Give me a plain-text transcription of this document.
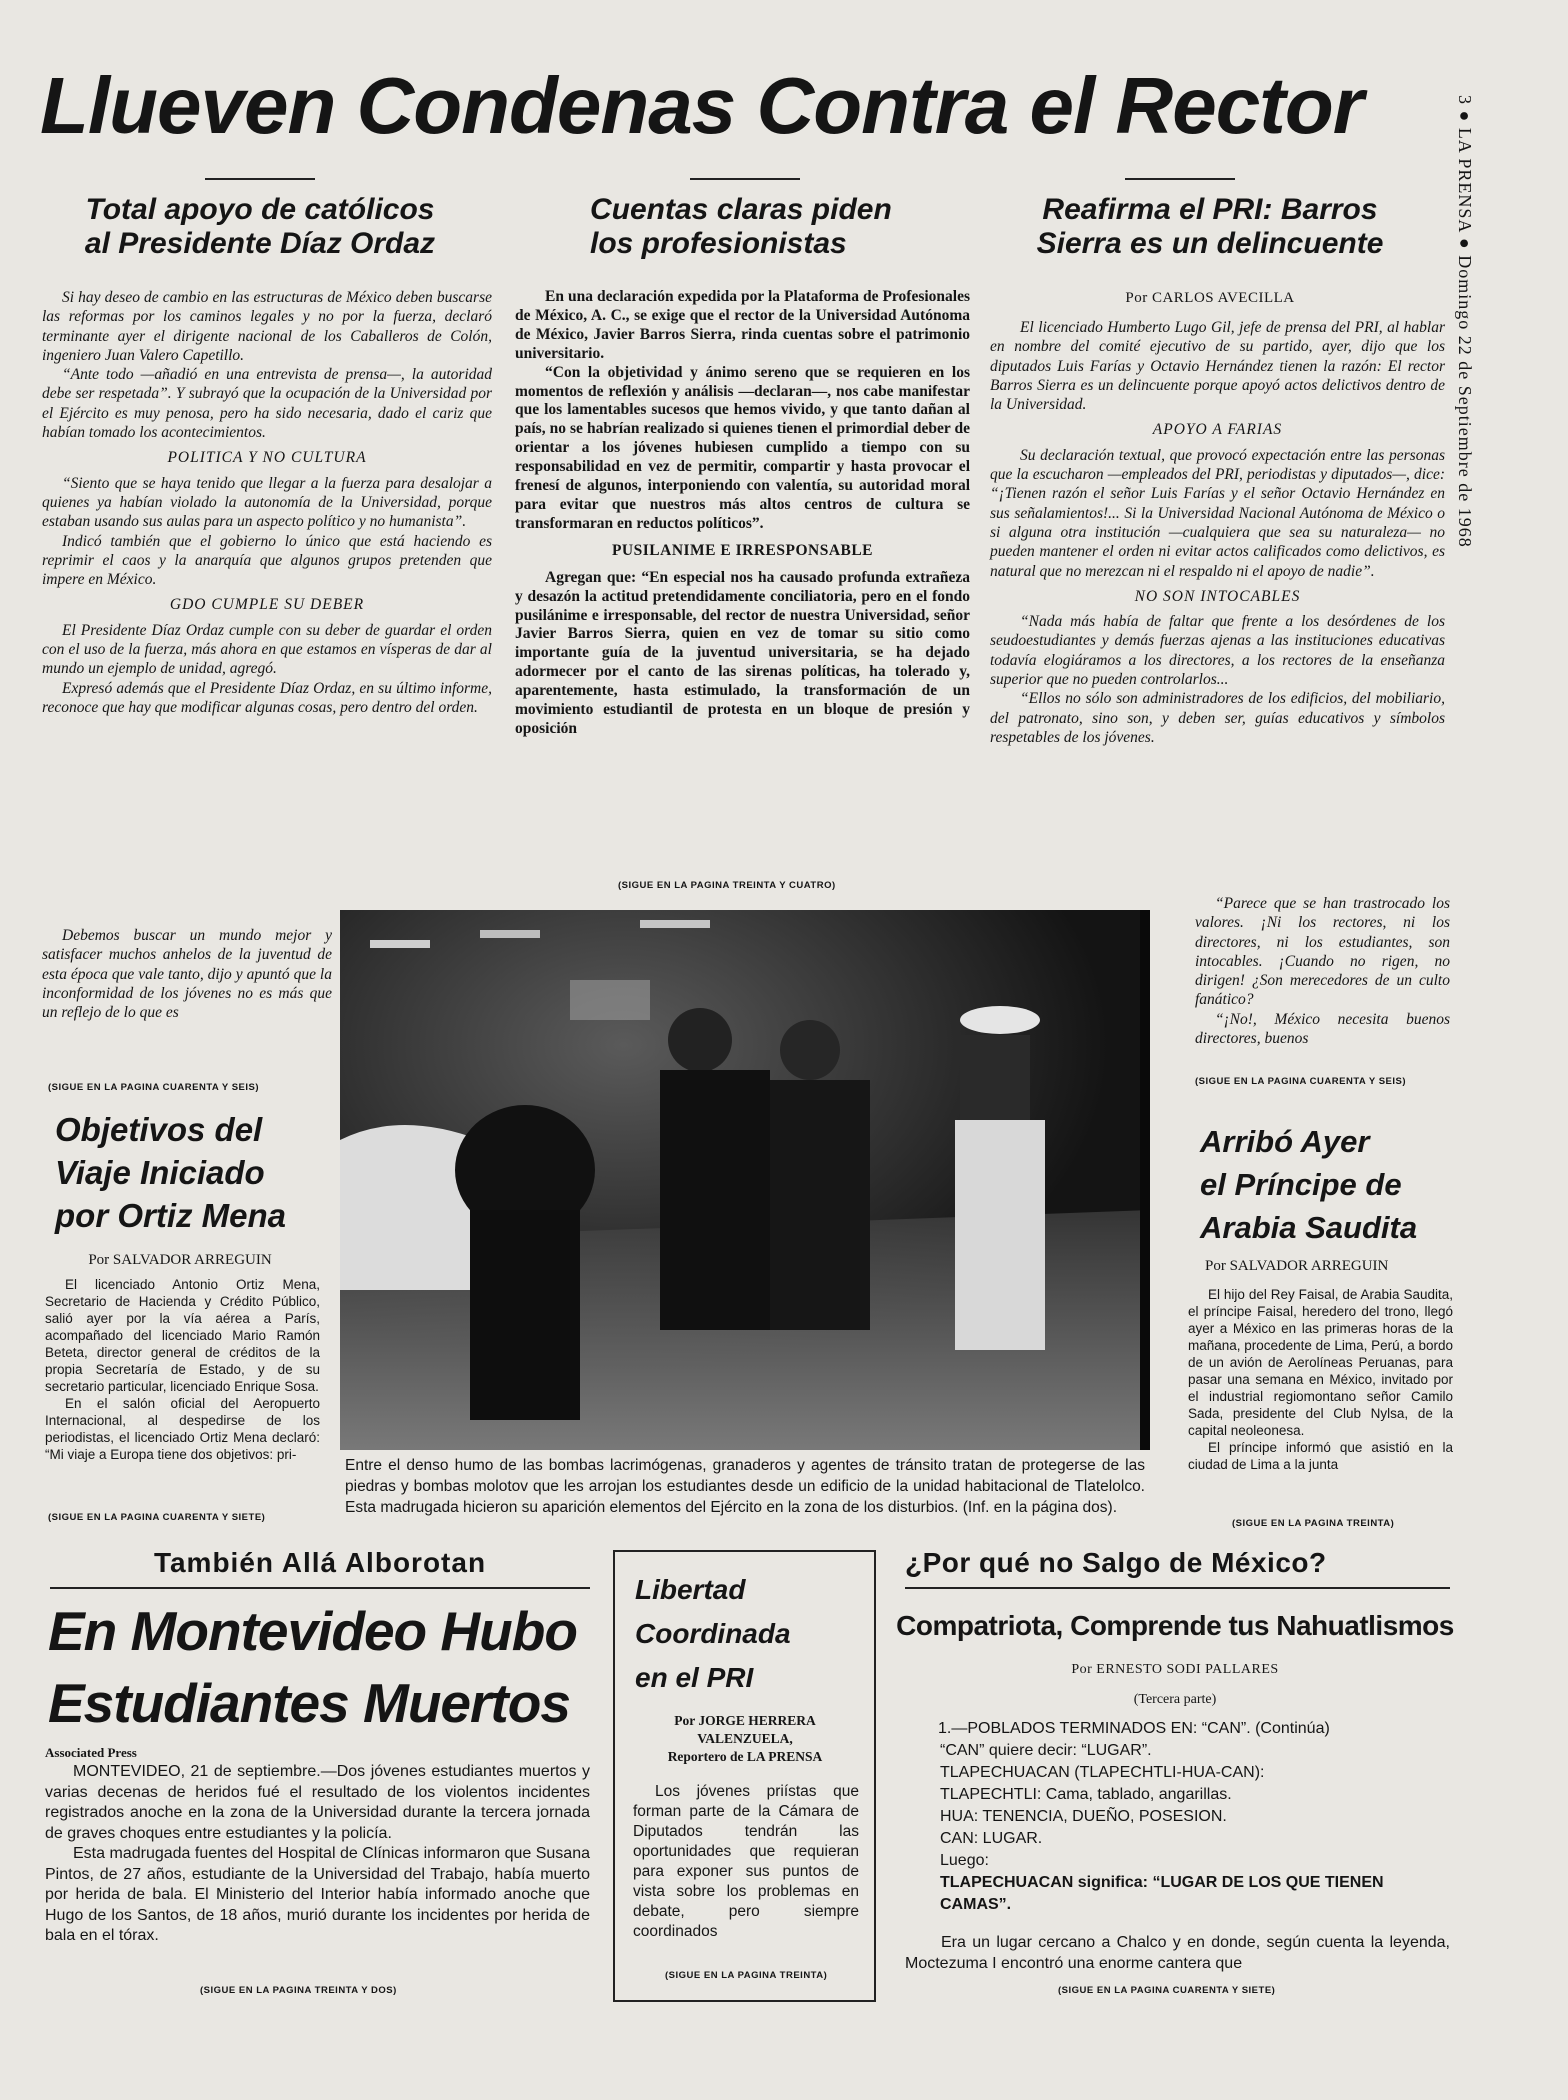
Llueven Condenas Contra el Rector	3 ● LA PRENSA ● Domingo 22 de Septiembre de 1968
Total apoyo de católicos
al Presidente Díaz Ordaz

Si hay deseo de cambio en las estructuras de México deben buscarse las reformas por los caminos legales y no por la fuerza, declaró terminante ayer el dirigente nacional de los Caballeros de Colón, ingeniero Juan Valero Capetillo.

“Ante todo —añadió en una entrevista de prensa—, la autoridad debe ser respetada”. Y subrayó que la ocupación de la Universidad por el Ejército es muy penosa, pero ha sido necesaria, dado el cariz que habían tomado los acontecimientos.

POLITICA Y NO CULTURA

“Siento que se haya tenido que llegar a la fuerza para desalojar a quienes ya habían violado la autonomía de la Universidad, porque estaban usando sus aulas para un aspecto político y no humanista”.

Indicó también que el gobierno lo único que está haciendo es reprimir el caos y la anarquía que algunos grupos pretenden que impere en México.

GDO CUMPLE SU DEBER

El Presidente Díaz Ordaz cumple con su deber de guardar el orden con el uso de la fuerza, más ahora en que estamos en vísperas de dar al mundo un ejemplo de unidad, agregó.

Expresó además que el Presidente Díaz Ordaz, en su último informe, reconoce que hay que modificar algunas cosas, pero dentro del orden.

Debemos buscar un mundo mejor y satisfacer muchos anhelos de la juventud de esta época que vale tanto, dijo y apuntó que la inconformidad de los jóvenes no es más que un reflejo de lo que es
(SIGUE EN LA PAGINA CUARENTA Y SEIS)
Cuentas claras piden
los profesionistas

En una declaración expedida por la Plataforma de Profesionales de México, A. C., se exige que el rector de la Universidad Autónoma de México, Javier Barros Sierra, rinda cuentas sobre el patrimonio universitario.

“Con la objetividad y ánimo sereno que se requieren en los momentos de reflexión y análisis —declaran—, nos cabe manifestar que los lamentables sucesos que hemos vivido, y que tanto dañan al país, no se habrían realizado si quienes tienen el primordial deber de orientar a los jóvenes hubiesen cumplido a tiempo con su responsabilidad en vez de permitir, compartir y hasta provocar el frenesí de algunos, interponiendo con valentía, su autoridad moral para evitar que nuestros más altos centros de cultura se transformaran en reductos políticos”.

PUSILANIME E IRRESPONSABLE

Agregan que: “En especial nos ha causado profunda extrañeza y desazón la actitud pretendidamente conciliatoria, pero en el fondo pusilánime e irresponsable, del rector de nuestra Universidad, señor Javier Barros Sierra, quien en vez de tomar su sitio como importante guía de la juventud universitaria, se ha dejado adormecer por el canto de las sirenas políticas, ha tolerado y, aparentemente, hasta estimulado, la transformación de un movimiento estudiantil de protesta en un bloque de presión y oposición

(SIGUE EN LA PAGINA TREINTA Y CUATRO)
Reafirma el PRI: Barros
Sierra es un delincuente
Por CARLOS AVECILLA

El licenciado Humberto Lugo Gil, jefe de prensa del PRI, al hablar en nombre del comité ejecutivo de su partido, ayer, dijo que los diputados Luis Farías y Octavio Hernández tienen la razón: El rector Barros Sierra es un delincuente porque apoyó actos delictivos dentro de la Universidad.

APOYO A FARIAS

Su declaración textual, que provocó expectación entre las personas que la escucharon —empleados del PRI, periodistas y diputados—, dice: “¡Tienen razón el señor Luis Farías y el señor Octavio Hernández en sus señalamientos!... Si la Universidad Nacional Autónoma de México o si alguna otra institución —cualquiera que sea su naturaleza— no pueden mantener el orden ni evitar actos calificados como delictivos, es natural que no merezcan ni el respaldo ni el apoyo de nadie”.

NO SON INTOCABLES

“Nada más había de faltar que frente a los desórdenes de los seudoestudiantes y demás fuerzas ajenas a las instituciones educativas todavía elogiáramos a los directores, a los rectores de la enseñanza superior que no pueden controlarlos...

“Ellos no sólo son administradores de los edificios, del mobiliario, del patronato, sino son, y deben ser, guías educativos y símbolos respetables de los jóvenes.

“Parece que se han trastrocado los valores. ¡Ni los rectores, ni los directores, ni los estudiantes, son intocables. ¡Cuando no rigen, no dirigen! ¿Son merecedores de un culto fanático?

“¡No!, México necesita buenos directores, buenos

(SIGUE EN LA PAGINA CUARENTA Y SEIS)
Entre el denso humo de las bombas lacrimógenas, granaderos y agentes de tránsito tratan de protegerse de las piedras y bombas molotov que les arrojan los estudiantes desde un edificio de la unidad habitacional de Tlatelolco. Esta madrugada hicieron su aparición elementos del Ejército en la zona de los disturbios. (Inf. en la página dos).
Objetivos del
Viaje Iniciado
por Ortiz Mena
Por SALVADOR ARREGUIN

El licenciado Antonio Ortiz Mena, Secretario de Hacienda y Crédito Público, salió ayer por la vía aérea a París, acompañado del licenciado Mario Ramón Beteta, director general de créditos de la propia Secretaría de Estado, y de su secretario particular, licenciado Enrique Sosa.

En el salón oficial del Aeropuerto Internacional, al despedirse de los periodistas, el licenciado Ortiz Mena declaró: “Mi viaje a Europa tiene dos objetivos: pri-

(SIGUE EN LA PAGINA CUARENTA Y SIETE)
Arribó Ayer
el Príncipe de
Arabia Saudita
Por SALVADOR ARREGUIN

El hijo del Rey Faisal, de Arabia Saudita, el príncipe Faisal, heredero del trono, llegó ayer a México en las primeras horas de la mañana, procedente de Lima, Perú, a bordo de un avión de Aerolíneas Peruanas, para pasar una semana en México, invitado por el industrial regiomontano señor Camilo Sada, presidente del Club Nylsa, de la capital neoleonesa.

El príncipe informó que asistió en la ciudad de Lima a la junta

(SIGUE EN LA PAGINA TREINTA)
También Allá Alborotan
En Montevideo Hubo
Estudiantes Muertos
Associated Press

MONTEVIDEO, 21 de septiembre.—Dos jóvenes estudiantes muertos y varias decenas de heridos fué el resultado de los violentos incidentes registrados anoche en la zona de la Universidad durante la tercera jornada de graves choques entre estudiantes y la policía.

Esta madrugada fuentes del Hospital de Clínicas informaron que Susana Pintos, de 27 años, estudiante de la Universidad del Trabajo, había muerto por herida de bala. El Ministerio del Interior había informado anoche que Hugo de los Santos, de 18 años, murió durante los incidentes por herida de bala en el tórax.

(SIGUE EN LA PAGINA TREINTA Y DOS)
Libertad
Coordinada
en el PRI
Por JORGE HERRERA
VALENZUELA,
Reportero de LA PRENSA
Los jóvenes priístas que forman parte de la Cámara de Diputados tendrán las oportunidades que requieran para exponer sus puntos de vista sobre los problemas en debate, pero siempre coordinados
(SIGUE EN LA PAGINA TREINTA)
¿Por qué no Salgo de México?
Compatriota, Comprende tus Nahuatlismos
Por ERNESTO SODI PALLARES
(Tercera parte)
1.—POBLADOS TERMINADOS EN: “CAN”. (Continúa)
“CAN” quiere decir: “LUGAR”.
TLAPECHUACAN (TLAPECHTLI-HUA-CAN):
TLAPECHTLI: Cama, tablado, angarillas.
HUA: TENENCIA, DUEÑO, POSESION.
CAN: LUGAR.
Luego:
TLAPECHUACAN significa: “LUGAR DE LOS QUE TIENEN CAMAS”.
Era un lugar cercano a Chalco y en donde, según cuenta la leyenda, Moctezuma I encontró una enorme cantera que
(SIGUE EN LA PAGINA CUARENTA Y SIETE)
